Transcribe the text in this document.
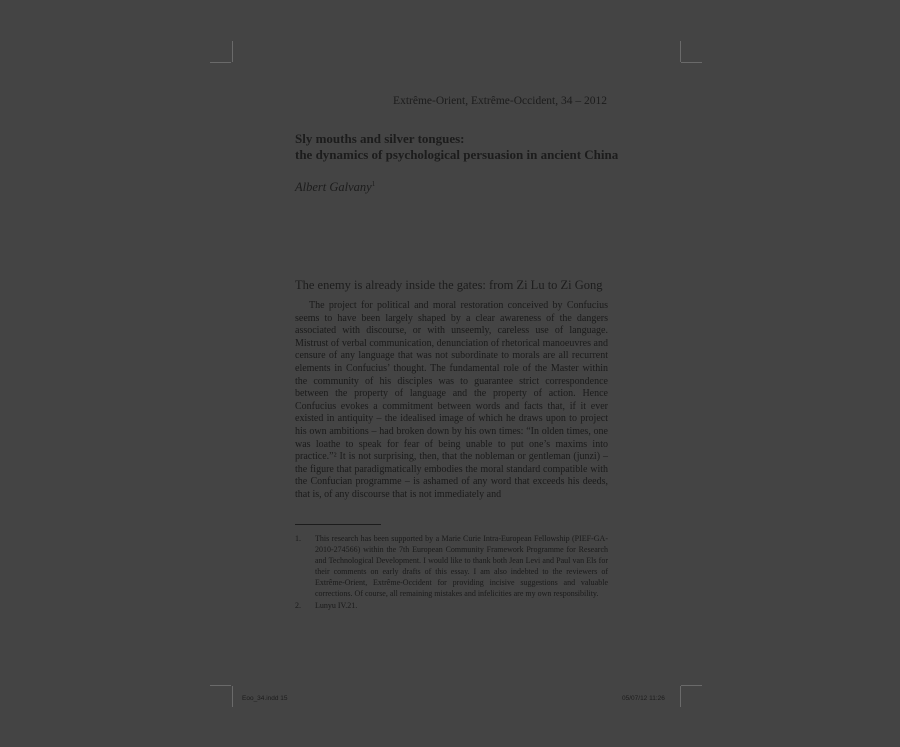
Extrême-Orient, Extrême-Occident, 34 – 2012
Sly mouths and silver tongues:
the dynamics of psychological persuasion in ancient China
Albert Galvany$^1$
The enemy is already inside the gates: from Zi Lu to Zi Gong

The project for political and moral restoration conceived by Confucius seems to have been largely shaped by a clear awareness of the dangers associated with discourse, or with unseemly, careless use of language. Mistrust of verbal communication, denunciation of rhetorical manoeuvres and censure of any language that was not subordinate to morals are all recurrent elements in Confucius’ thought. The fundamental role of the Master within the community of his disciples was to guarantee strict correspondence between the property of language and the property of action. Hence Confucius evokes a commitment between words and facts that, if it ever existed in antiquity – the idealised image of which he draws upon to project his own ambitions – had broken down by his own times: “In olden times, one was loathe to speak for fear of being unable to put one’s maxims into practice.”² It is not surprising, then, that the nobleman or gentleman (junzi) – the figure that paradigmatically embodies the moral standard compatible with the Confucian programme – is ashamed of any word that exceeds his deeds, that is, of any discourse that is not immediately and

1.	This research has been supported by a Marie Curie Intra-European Fellowship (PIEF-GA-2010-274566) within the 7th European Community Framework Programme for Research and Technological Development. I would like to thank both Jean Levi and Paul van Els for their comments on early drafts of this essay. I am also indebted to the reviewers of Extrême-Orient, Extrême-Occident for providing incisive suggestions and valuable corrections. Of course, all remaining mistakes and infelicities are my own responsibility.
2.	Lunyu IV.21.
Eoo_34.indd 15	05/07/12 11:26
